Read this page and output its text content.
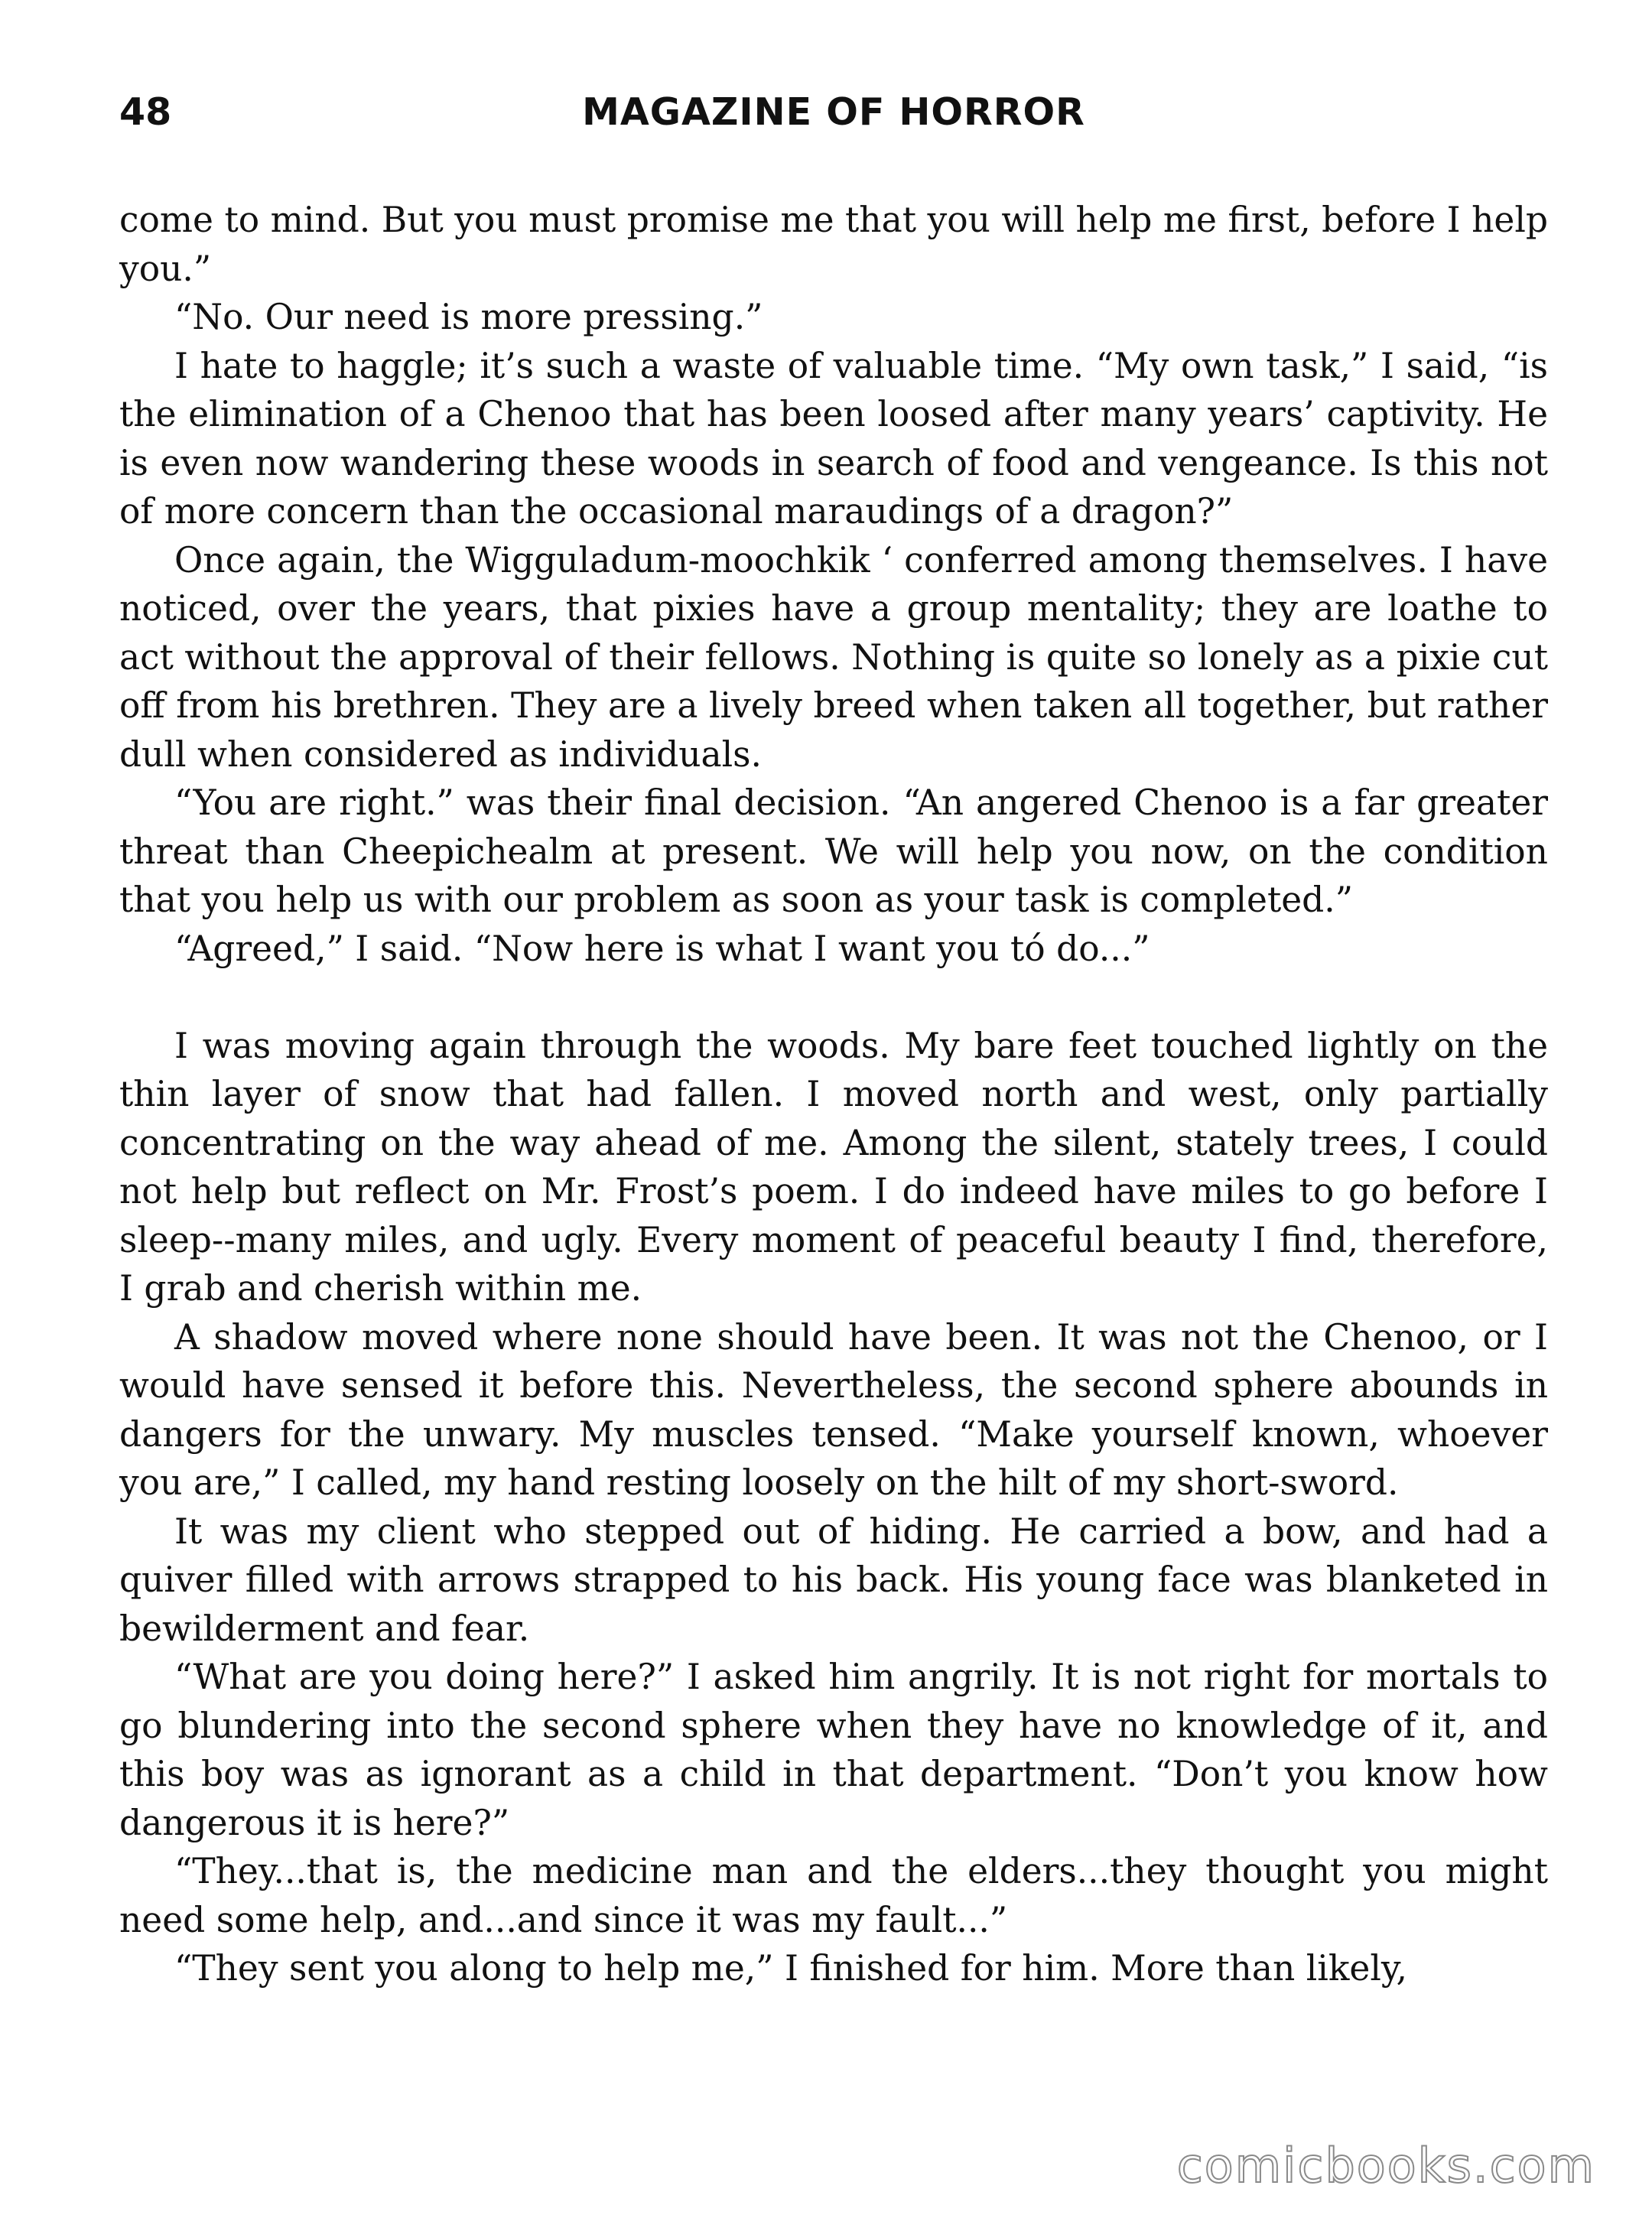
48	MAGAZINE OF HORROR

come to mind. But you must promise me that you will help me first, before I help you.”

“No. Our need is more pressing.”

I hate to haggle; it’s such a waste of valuable time. “My own task,” I said, “is the elimination of a Chenoo that has been loosed after many years’ captivity. He is even now wandering these woods in search of food and vengeance. Is this not of more concern than the occasional maraudings of a dragon?”

Once again, the Wigguladum-moochkik ‘ conferred among themselves. I have noticed, over the years, that pixies have a group mentality; they are loathe to act without the approval of their fellows. Nothing is quite so lonely as a pixie cut off from his brethren. They are a lively breed when taken all together, but rather dull when considered as individuals.

“You are right.” was their final decision. “An angered Chenoo is a far greater threat than Cheepichealm at present. We will help you now, on the condition that you help us with our problem as soon as your task is completed.”

“Agreed,” I said. “Now here is what I want you tó do...”

I was moving again through the woods. My bare feet touched lightly on the thin layer of snow that had fallen. I moved north and west, only partially concentrating on the way ahead of me. Among the silent, stately trees, I could not help but reflect on Mr. Frost’s poem. I do indeed have miles to go before I sleep--many miles, and ugly. Every moment of peaceful beauty I find, therefore, I grab and cherish within me.

A shadow moved where none should have been. It was not the Chenoo, or I would have sensed it before this. Nevertheless, the second sphere abounds in dangers for the unwary. My muscles tensed. “Make yourself known, whoever you are,” I called, my hand resting loosely on the hilt of my short-sword.

It was my client who stepped out of hiding. He carried a bow, and had a quiver filled with arrows strapped to his back. His young face was blanketed in bewilderment and fear.

“What are you doing here?” I asked him angrily. It is not right for mortals to go blundering into the second sphere when they have no knowledge of it, and this boy was as ignorant as a child in that department. “Don’t you know how dangerous it is here?”

“They...that is, the medicine man and the elders...they thought you might need some help, and...and since it was my fault...”

“They sent you along to help me,” I finished for him. More than likely,

comicbooks.com
